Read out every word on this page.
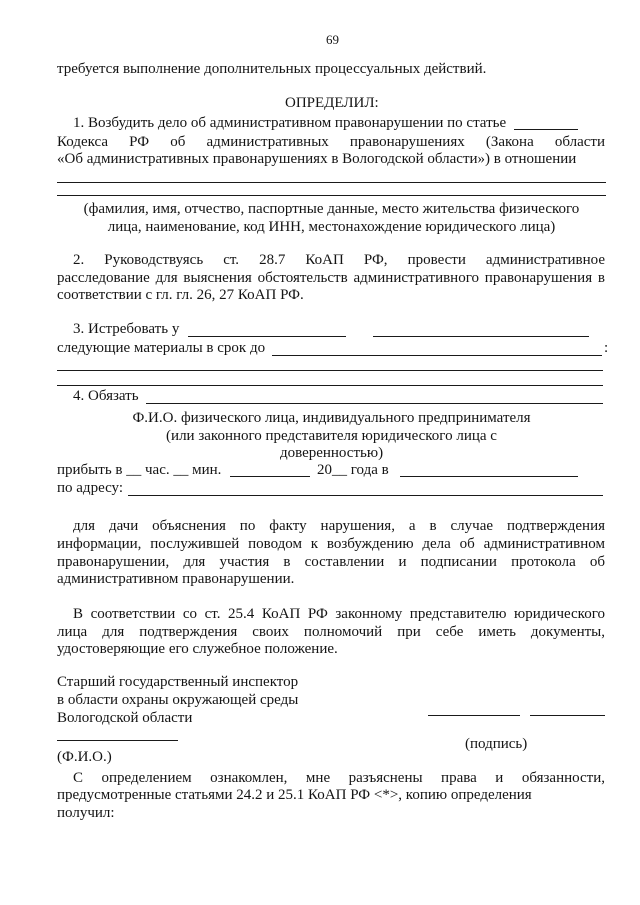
69
требуется выполнение дополнительных процессуальных действий.
ОПРЕДЕЛИЛ:
1. Возбудить дело об административном правонарушении по статье
Кодекса РФ об административных правонарушениях (Закона области
«Об административных правонарушениях в Вологодской области») в отношении
(фамилия, имя, отчество, паспортные данные, место жительства физического
лица, наименование, код ИНН, местонахождение юридического лица)
2. Руководствуясь ст. 28.7 КоАП РФ, провести административное
расследование для выяснения обстоятельств административного правонарушения в
соответствии с гл. гл. 26, 27 КоАП РФ.
3. Истребовать у
следующие материалы в срок до	:
4. Обязать
Ф.И.О. физического лица, индивидуального предпринимателя
(или законного представителя юридического лица с
доверенностью)
прибыть в __ час. __ мин.	20__ года в
по адресу:
для дачи объяснения по факту нарушения, а в случае подтверждения
информации, послужившей поводом к возбуждению дела об административном
правонарушении, для участия в составлении и подписании протокола об
административном правонарушении.
В соответствии со ст. 25.4 КоАП РФ законному представителю юридического
лица для подтверждения своих полномочий при себе иметь документы,
удостоверяющие его служебное положение.
Старший государственный инспектор
в области охраны окружающей среды
Вологодской области
(подпись)
(Ф.И.О.)
С определением ознакомлен, мне разъяснены права и обязанности,
предусмотренные статьями 24.2 и 25.1 КоАП РФ <*>, копию определения
получил:
